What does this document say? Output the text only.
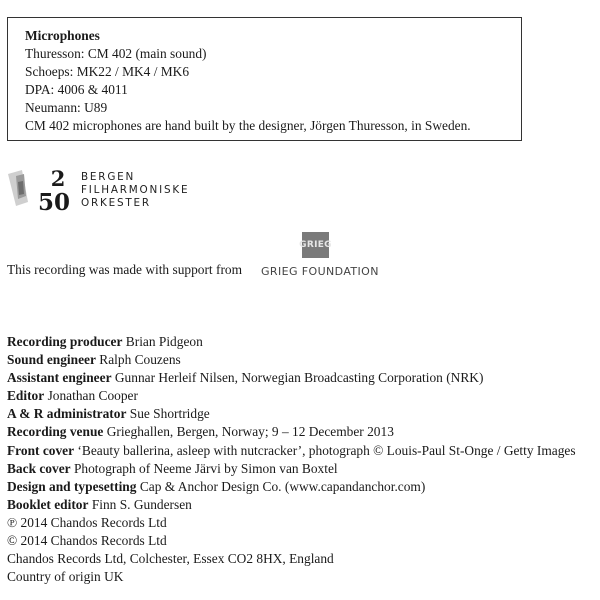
Microphones
Thuresson: CM 402 (main sound)
Schoeps: MK22 / MK4 / MK6
DPA: 4006 & 4011
Neumann: U89
CM 402 microphones are hand built by the designer, Jörgen Thuresson, in Sweden.
2
50
BERGEN
FILHARMONISKE
ORKESTER
GRIEG
This recording was made with support from GRIEG FOUNDATION
Recording producer Brian Pidgeon
Sound engineer Ralph Couzens
Assistant engineer Gunnar Herleif Nilsen, Norwegian Broadcasting Corporation (NRK)
Editor Jonathan Cooper
A & R administrator Sue Shortridge
Recording venue Grieghallen, Bergen, Norway; 9 – 12 December 2013
Front cover ‘Beauty ballerina, asleep with nutcracker’, photograph © Louis-Paul St-Onge / Getty Images
Back cover Photograph of Neeme Järvi by Simon van Boxtel
Design and typesetting Cap & Anchor Design Co. (www.capandanchor.com)
Booklet editor Finn S. Gundersen
℗ 2014 Chandos Records Ltd
© 2014 Chandos Records Ltd
Chandos Records Ltd, Colchester, Essex CO2 8HX, England
Country of origin UK
